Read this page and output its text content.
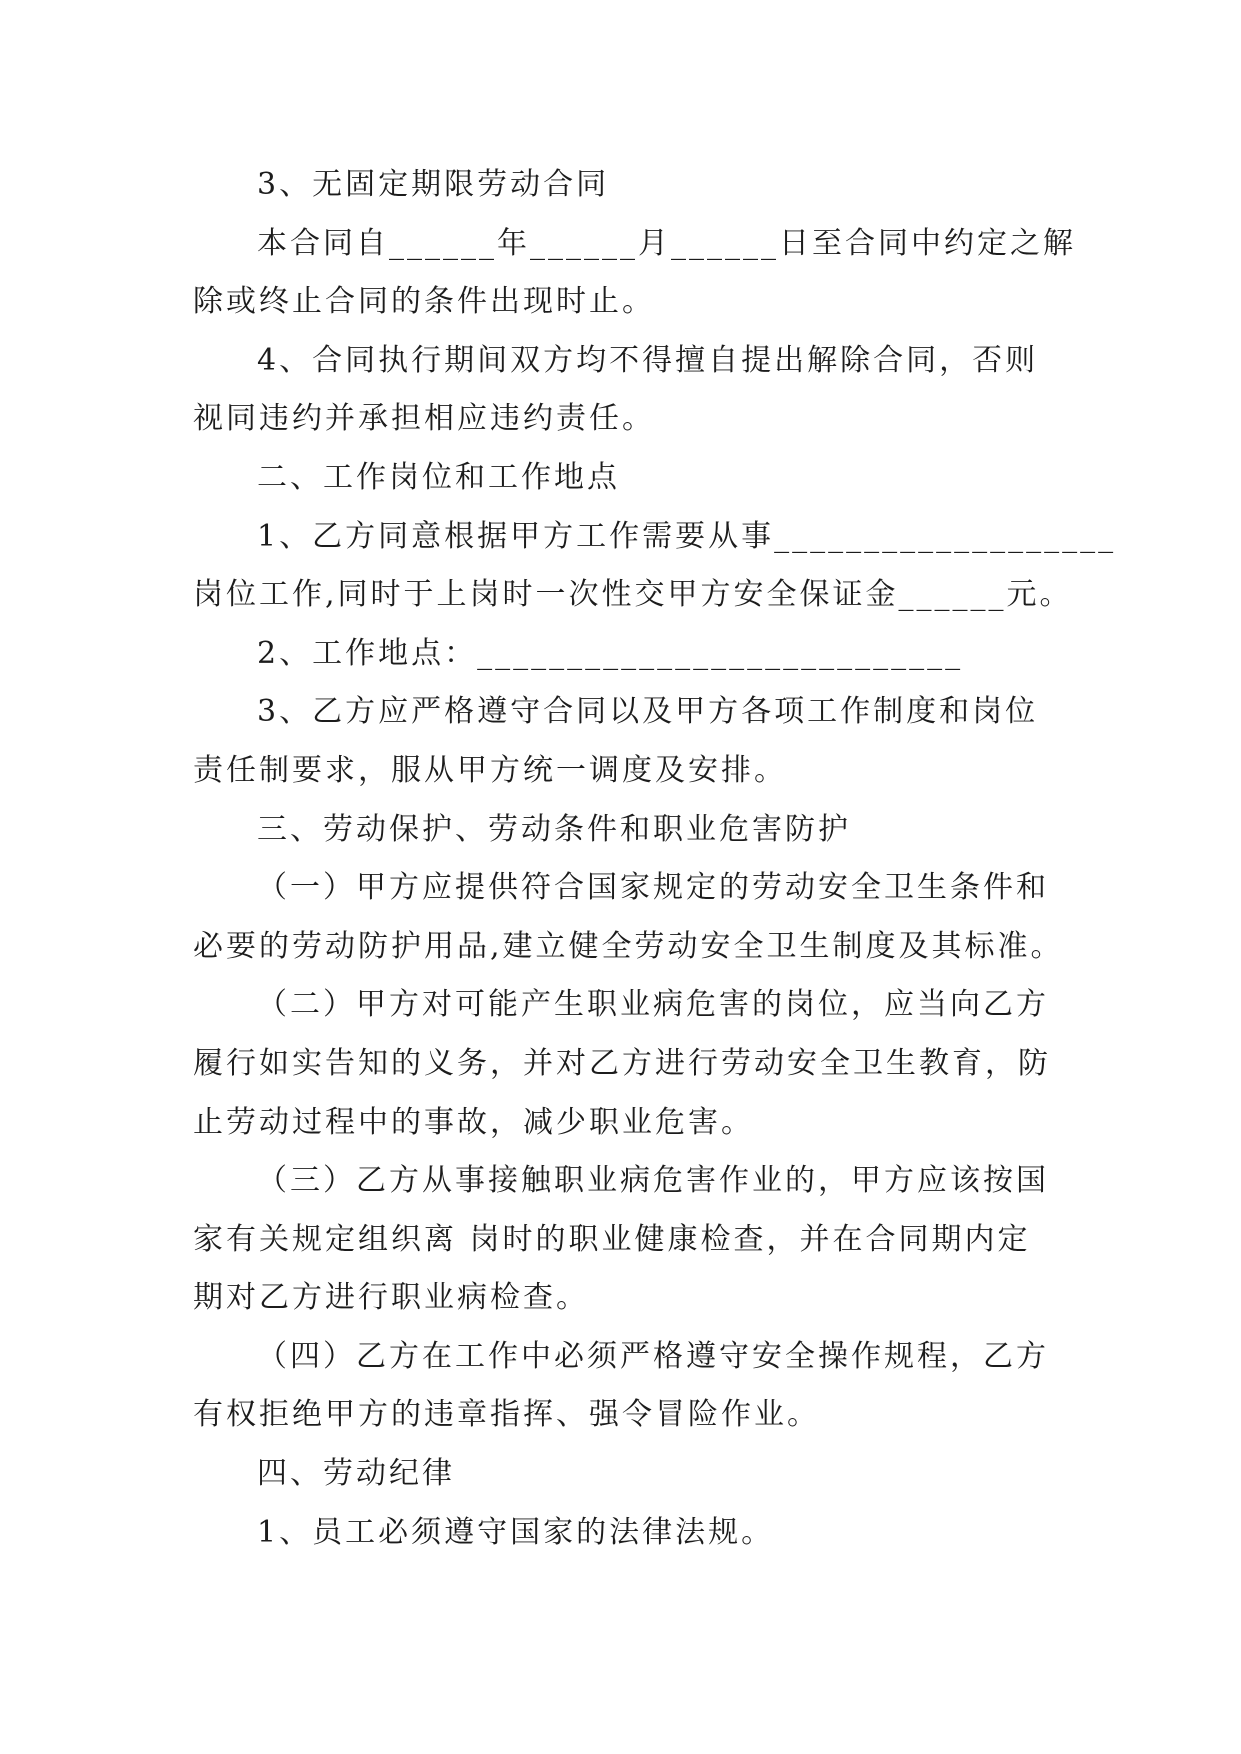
3、无固定期限劳动合同
本合同自______年______月______日至合同中约定之解
除或终止合同的条件出现时止。
4、合同执行期间双方均不得擅自提出解除合同，否则
视同违约并承担相应违约责任。
二、工作岗位和工作地点
1、乙方同意根据甲方工作需要从事___________________
岗位工作,同时于上岗时一次性交甲方安全保证金______元。
2、工作地点：___________________________
3、乙方应严格遵守合同以及甲方各项工作制度和岗位
责任制要求，服从甲方统一调度及安排。
三、劳动保护、劳动条件和职业危害防护
（一）甲方应提供符合国家规定的劳动安全卫生条件和
必要的劳动防护用品,建立健全劳动安全卫生制度及其标准。
（二）甲方对可能产生职业病危害的岗位，应当向乙方
履行如实告知的义务，并对乙方进行劳动安全卫生教育，防
止劳动过程中的事故，减少职业危害。
（三）乙方从事接触职业病危害作业的，甲方应该按国
家有关规定组织离 岗时的职业健康检查，并在合同期内定
期对乙方进行职业病检查。
（四）乙方在工作中必须严格遵守安全操作规程，乙方
有权拒绝甲方的违章指挥、强令冒险作业。
四、劳动纪律
1、员工必须遵守国家的法律法规。
